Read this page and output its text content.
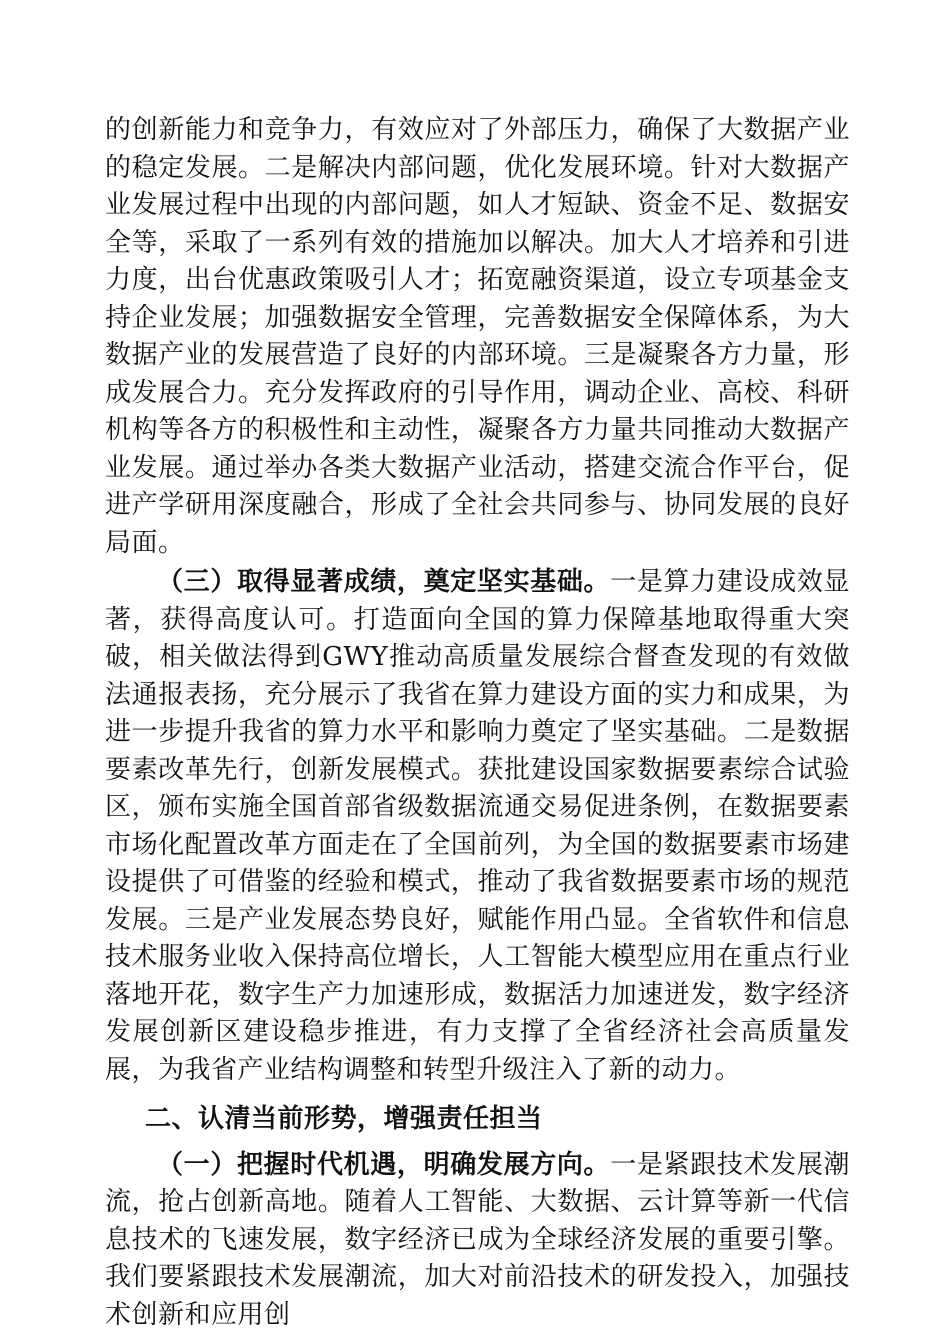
的创新能力和竞争力，有效应对了外部压力，确保了大数据产业的稳定发展。二是解决内部问题，优化发展环境。针对大数据产业发展过程中出现的内部问题，如人才短缺、资金不足、数据安全等，采取了一系列有效的措施加以解决。加大人才培养和引进力度，出台优惠政策吸引人才；拓宽融资渠道，设立专项基金支持企业发展；加强数据安全管理，完善数据安全保障体系，为大数据产业的发展营造了良好的内部环境。三是凝聚各方力量，形成发展合力。充分发挥政府的引导作用，调动企业、高校、科研机构等各方的积极性和主动性，凝聚各方力量共同推动大数据产业发展。通过举办各类大数据产业活动，搭建交流合作平台，促进产学研用深度融合，形成了全社会共同参与、协同发展的良好局面。

（三）取得显著成绩，奠定坚实基础。一是算力建设成效显著，获得高度认可。打造面向全国的算力保障基地取得重大突破，相关做法得到GWY推动高质量发展综合督查发现的有效做法通报表扬，充分展示了我省在算力建设方面的实力和成果，为进一步提升我省的算力水平和影响力奠定了坚实基础。二是数据要素改革先行，创新发展模式。获批建设国家数据要素综合试验区，颁布实施全国首部省级数据流通交易促进条例，在数据要素市场化配置改革方面走在了全国前列，为全国的数据要素市场建设提供了可借鉴的经验和模式，推动了我省数据要素市场的规范发展。三是产业发展态势良好，赋能作用凸显。全省软件和信息技术服务业收入保持高位增长，人工智能大模型应用在重点行业落地开花，数字生产力加速形成，数据活力加速迸发，数字经济发展创新区建设稳步推进，有力支撑了全省经济社会高质量发展，为我省产业结构调整和转型升级注入了新的动力。

二、认清当前形势，增强责任担当

（一）把握时代机遇，明确发展方向。一是紧跟技术发展潮流，抢占创新高地。随着人工智能、大数据、云计算等新一代信息技术的飞速发展，数字经济已成为全球经济发展的重要引擎。我们要紧跟技术发展潮流，加大对前沿技术的研发投入，加强技术创新和应用创
